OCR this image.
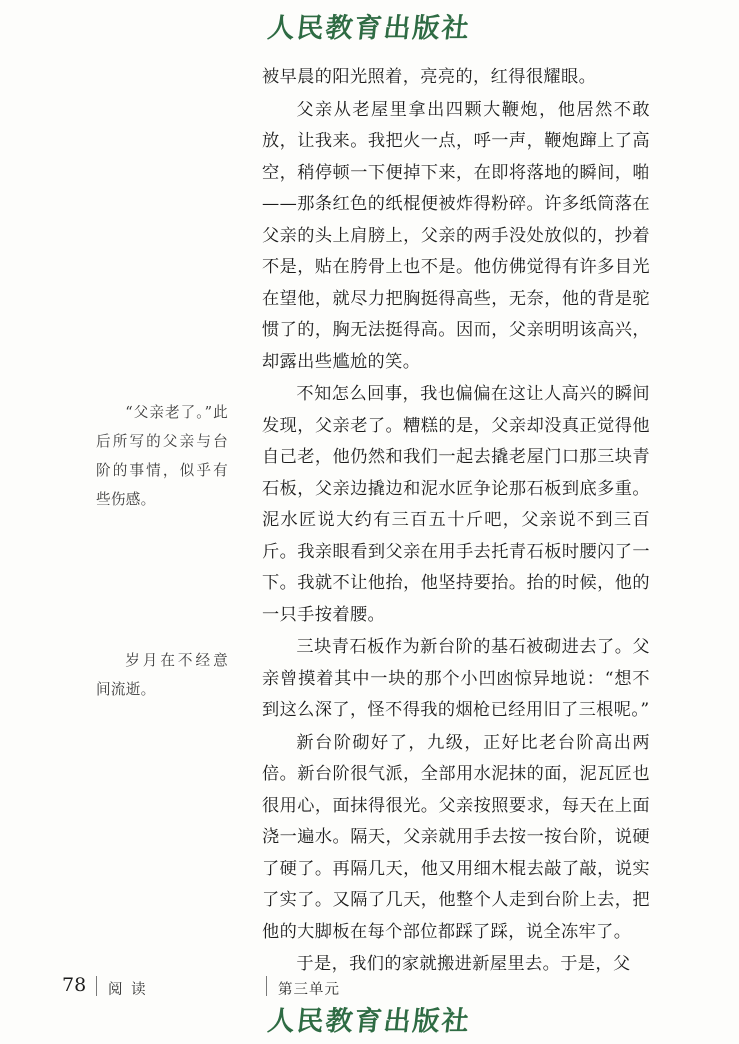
人民教育出版社
“父亲老了。”此后所写的父亲与台阶的事情，似乎有些伤感。
岁月在不经意间流逝。

被早晨的阳光照着，亮亮的，红得很耀眼。

父亲从老屋里拿出四颗大鞭炮，他居然不敢放，让我来。我把火一点，呼一声，鞭炮蹿上了高空，稍停顿一下便掉下来，在即将落地的瞬间，啪——那条红色的纸棍便被炸得粉碎。许多纸筒落在父亲的头上肩膀上，父亲的两手没处放似的，抄着不是，贴在胯骨上也不是。他仿佛觉得有许多目光在望他，就尽力把胸挺得高些，无奈，他的背是驼惯了的，胸无法挺得高。因而，父亲明明该高兴，却露出些尴尬的笑。

不知怎么回事，我也偏偏在这让人高兴的瞬间发现，父亲老了。糟糕的是，父亲却没真正觉得他自己老，他仍然和我们一起去撬老屋门口那三块青石板，父亲边撬边和泥水匠争论那石板到底多重。泥水匠说大约有三百五十斤吧，父亲说不到三百斤。我亲眼看到父亲在用手去托青石板时腰闪了一下。我就不让他抬，他坚持要抬。抬的时候，他的一只手按着腰。

三块青石板作为新台阶的基石被砌进去了。父亲曾摸着其中一块的那个小凹凼惊异地说：“想不到这么深了，怪不得我的烟枪已经用旧了三根呢。”

新台阶砌好了，九级，正好比老台阶高出两倍。新台阶很气派，全部用水泥抹的面，泥瓦匠也很用心，面抹得很光。父亲按照要求，每天在上面浇一遍水。隔天，父亲就用手去按一按台阶，说硬了硬了。再隔几天，他又用细木棍去敲了敲，说实了实了。又隔了几天，他整个人走到台阶上去，把他的大脚板在每个部位都踩了踩，说全冻牢了。

于是，我们的家就搬进新屋里去。于是，父

78 阅 读	第三单元
人民教育出版社
